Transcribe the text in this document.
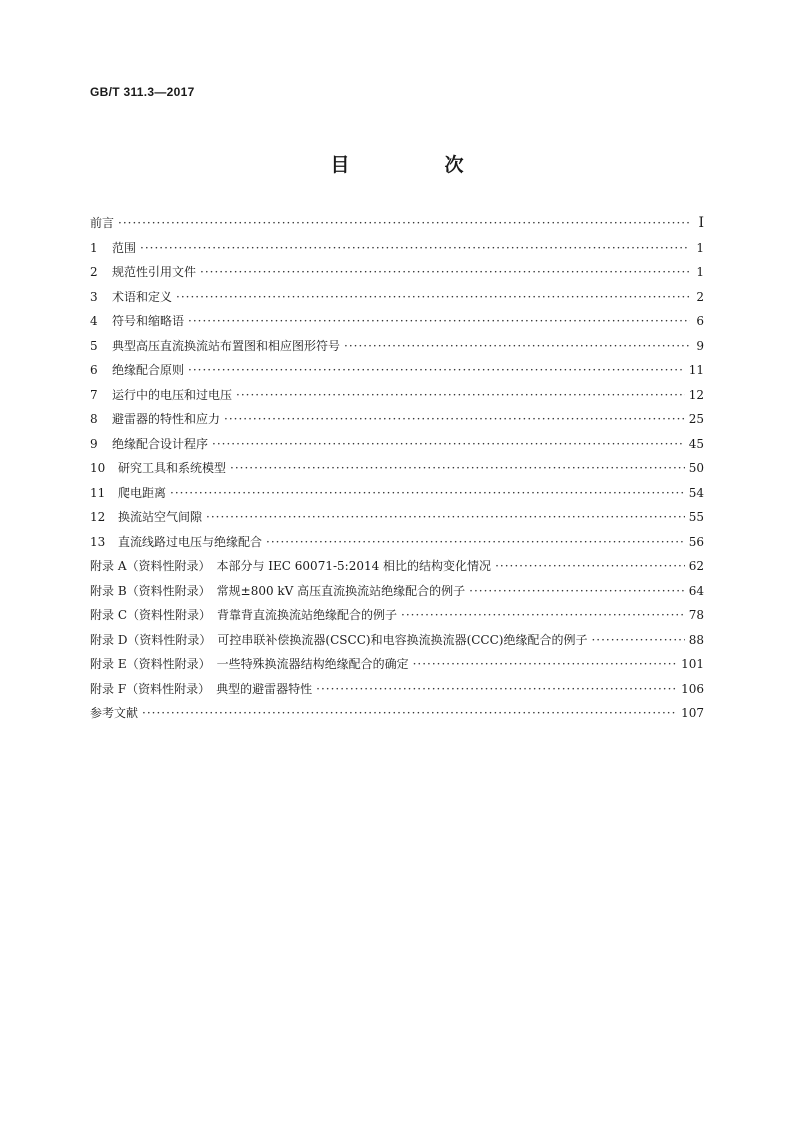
GB/T 311.3—2017
目　次
前言 ·····	Ⅰ
1 范围 ·····	1
2 规范性引用文件 ·····	1
3 术语和定义 ·····	2
4 符号和缩略语 ·····	6
5 典型高压直流换流站布置图和相应图形符号 ·····	9
6 绝缘配合原则 ·····	11
7 运行中的电压和过电压 ·····	12
8 避雷器的特性和应力 ·····	25
9 绝缘配合设计程序 ·····	45
10 研究工具和系统模型 ·····	50
11 爬电距离 ·····	54
12 换流站空气间隙 ·····	55
13 直流线路过电压与绝缘配合 ·····	56
附录 A（资料性附录）　本部分与 IEC 60071-5:2014 相比的结构变化情况 ·····	62
附录 B（资料性附录）　常规±800 kV 高压直流换流站绝缘配合的例子 ·····	64
附录 C（资料性附录）　背靠背直流换流站绝缘配合的例子 ·····	78
附录 D（资料性附录）　可控串联补偿换流器(CSCC)和电容换流换流器(CCC)绝缘配合的例子 ·····	88
附录 E（资料性附录）　一些特殊换流器结构绝缘配合的确定 ·····	101
附录 F（资料性附录）　典型的避雷器特性 ·····	106
参考文献 ·····	107
